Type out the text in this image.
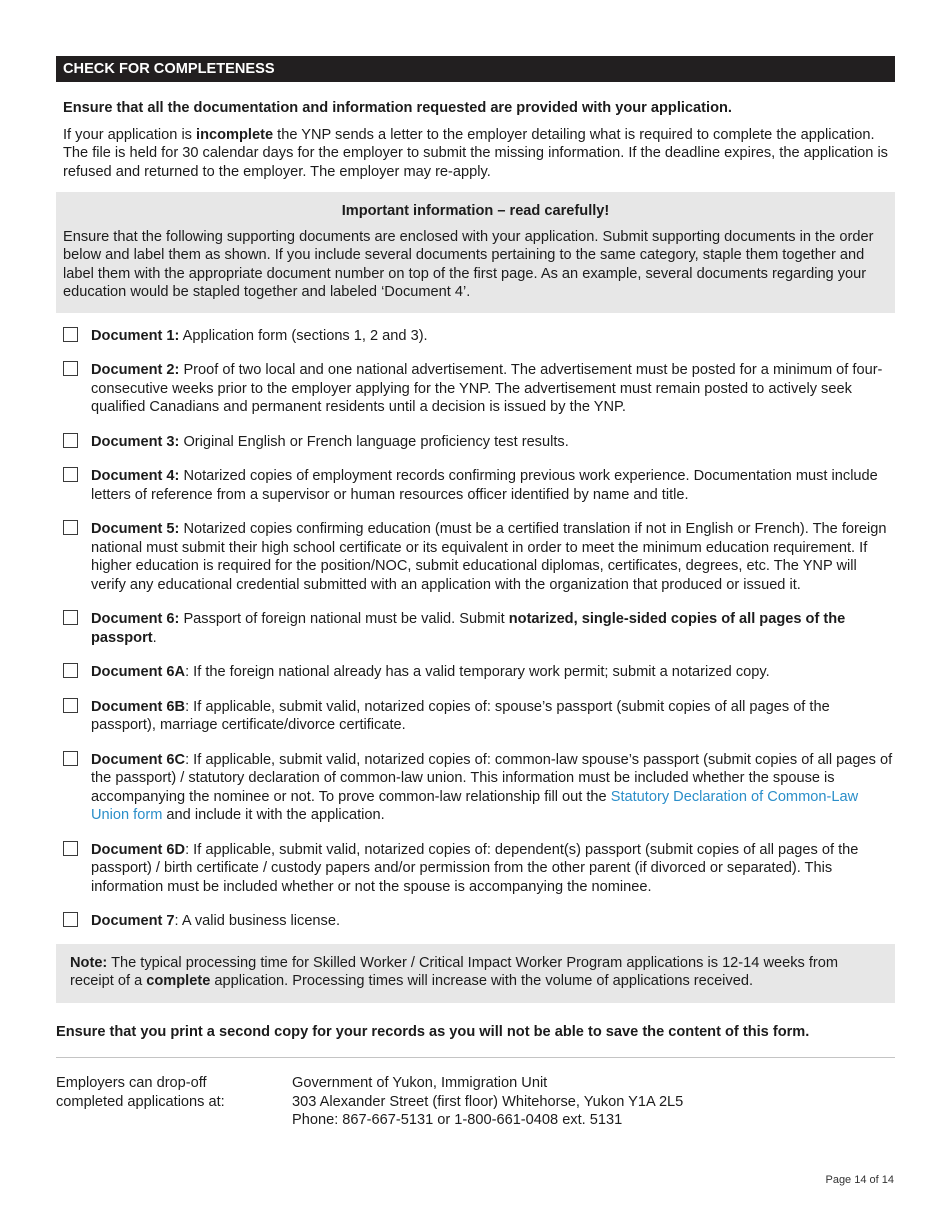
CHECK FOR COMPLETENESS

Ensure that all the documentation and information requested are provided with your application.

If your application is incomplete the YNP sends a letter to the employer detailing what is required to complete the application. The file is held for 30 calendar days for the employer to submit the missing information. If the deadline expires, the application is refused and returned to the employer. The employer may re-apply.

Important information – read carefully!

Ensure that the following supporting documents are enclosed with your application. Submit supporting documents in the order below and label them as shown. If you include several documents pertaining to the same category, staple them together and label them with the appropriate document number on top of the first page. As an example, several documents regarding your education would be stapled together and labeled ‘Document 4’.

Document 1: Application form (sections 1, 2 and 3).

Document 2: Proof of two local and one national advertisement. The advertisement must be posted for a minimum of four-consecutive weeks prior to the employer applying for the YNP. The advertisement must remain posted to actively seek qualified Canadians and permanent residents until a decision is issued by the YNP.

Document 3: Original English or French language proficiency test results.

Document 4: Notarized copies of employment records confirming previous work experience. Documentation must include letters of reference from a supervisor or human resources officer identified by name and title.

Document 5: Notarized copies confirming education (must be a certified translation if not in English or French). The foreign national must submit their high school certificate or its equivalent in order to meet the minimum education requirement. If higher education is required for the position/NOC, submit educational diplomas, certificates, degrees, etc. The YNP will verify any educational credential submitted with an application with the organization that produced or issued it.

Document 6: Passport of foreign national must be valid. Submit notarized, single-sided copies of all pages of the passport.

Document 6A: If the foreign national already has a valid temporary work permit; submit a notarized copy.

Document 6B: If applicable, submit valid, notarized copies of: spouse’s passport (submit copies of all pages of the passport), marriage certificate/divorce certificate.

Document 6C: If applicable, submit valid, notarized copies of: common-law spouse’s passport (submit copies of all pages of the passport) / statutory declaration of common-law union. This information must be included whether the spouse is accompanying the nominee or not. To prove common-law relationship fill out the Statutory Declaration of Common-Law Union form and include it with the application.

Document 6D: If applicable, submit valid, notarized copies of: dependent(s) passport (submit copies of all pages of the passport) / birth certificate / custody papers and/or permission from the other parent (if divorced or separated). This information must be included whether or not the spouse is accompanying the nominee.

Document 7: A valid business license.

Note: The typical processing time for Skilled Worker / Critical Impact Worker Program applications is 12-14 weeks from receipt of a complete application. Processing times will increase with the volume of applications received.

Ensure that you print a second copy for your records as you will not be able to save the content of this form.

Employers can drop-off
completed applications at:
Government of Yukon, Immigration Unit
303 Alexander Street (first floor) Whitehorse, Yukon Y1A 2L5
Phone: 867-667-5131 or 1-800-661-0408 ext. 5131
Page 14 of 14
